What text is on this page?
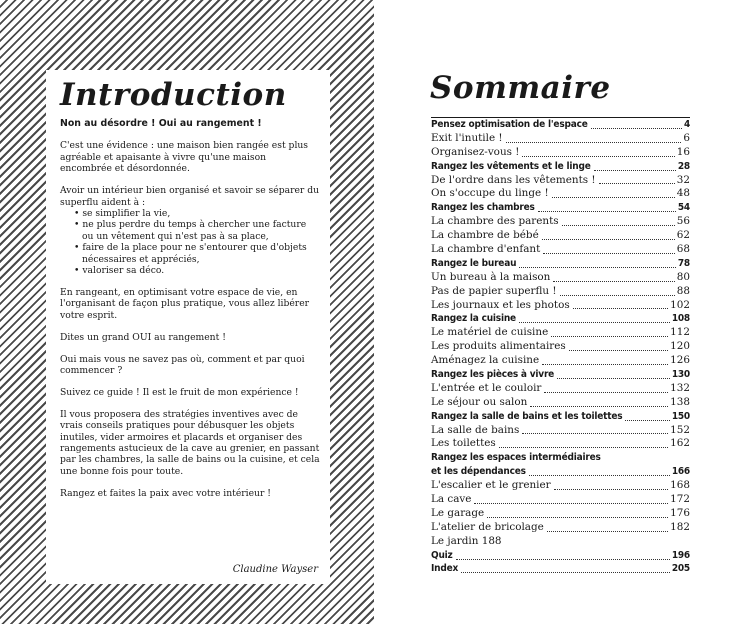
Introduction

Non au désordre ! Oui au rangement !

C'est une évidence : une maison bien rangée est plus agréable et apaisante à vivre qu'une maison encombrée et désordonnée.

Avoir un intérieur bien organisé et savoir se séparer du superflu aident à :

• se simplifier la vie,
• ne plus perdre du temps à chercher une facture ou un vêtement qui n'est pas à sa place,
• faire de la place pour ne s'entourer que d'objets nécessaires et appréciés,
• valoriser sa déco.

En rangeant, en optimisant votre espace de vie, en l'organisant de façon plus pratique, vous allez libérer votre esprit.

Dites un grand OUI au rangement !

Oui mais vous ne savez pas où, comment et par quoi commencer ?

Suivez ce guide ! Il est le fruit de mon expérience !

Il vous proposera des stratégies inventives avec de vrais conseils pratiques pour débusquer les objets inutiles, vider armoires et placards et organiser des rangements astucieux de la cave au grenier, en passant par les chambres, la salle de bains ou la cuisine, et cela une bonne fois pour toute.

Rangez et faites la paix avec votre intérieur !

Claudine Wayser
Sommaire
Pensez optimisation de l'espace	4
Exit l'inutile !	6
Organisez-vous !	16
Rangez les vêtements et le linge	28
De l'ordre dans les vêtements !	32
On s'occupe du linge !	48
Rangez les chambres	54
La chambre des parents	56
La chambre de bébé	62
La chambre d'enfant	68
Rangez le bureau	78
Un bureau à la maison	80
Pas de papier superflu !	88
Les journaux et les photos	102
Rangez la cuisine	108
Le matériel de cuisine	112
Les produits alimentaires	120
Aménagez la cuisine	126
Rangez les pièces à vivre	130
L'entrée et le couloir	132
Le séjour ou salon	138
Rangez la salle de bains et les toilettes	150
La salle de bains	152
Les toilettes	162
Rangez les espaces intermédiaires
et les dépendances	166
L'escalier et le grenier	168
La cave	172
Le garage	176
L'atelier de bricolage	182
Le jardin 188
Quiz	196
Index	205
